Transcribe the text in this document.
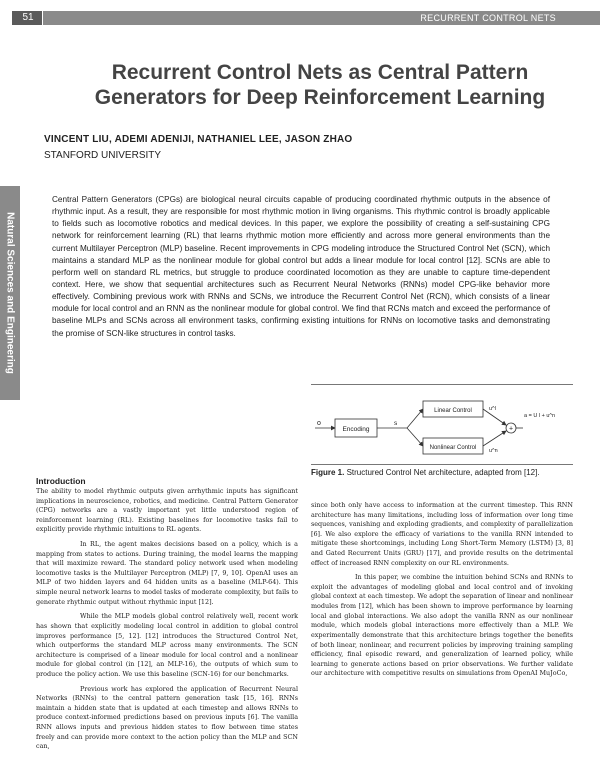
51	RECURRENT CONTROL NETS
Natural Sciences and Engineering
Recurrent Control Nets as Central Pattern
Generators for Deep Reinforcement Learning
VINCENT LIU, ADEMI ADENIJI, NATHANIEL LEE, JASON ZHAO
STANFORD UNIVERSITY

Central Pattern Generators (CPGs) are biological neural circuits capable of producing coordinated rhythmic outputs in the absence of rhythmic input. As a result, they are responsible for most rhythmic motion in living organisms. This rhythmic control is broadly applicable to fields such as locomotive robotics and medical devices. In this paper, we explore the possibility of creating a self-sustaining CPG network for reinforcement learning (RL) that learns rhythmic motion more efficiently and across more general environments than the current Multilayer Perceptron (MLP) baseline. Recent improvements in CPG modeling introduce the Structured Control Net (SCN), which maintains a standard MLP as the nonlinear module for global control but adds a linear module for local control [12]. SCNs are able to perform well on standard RL metrics, but struggle to produce coordinated locomotion as they are unable to capture time-dependent context. Here, we show that sequential architectures such as Recurrent Neural Networks (RNNs) model CPG-like behavior more effectively. Combining previous work with RNNs and SCNs, we introduce the Recurrent Control Net (RCN), which consists of a linear module for local control and an RNN as the nonlinear module for global control. We find that RCNs match and exceed the performance of baseline MLPs and SCNs across all environment tasks, confirming existing intuitions for RNNs on locomotive tasks and demonstrating the promise of SCN-like structures in control tasks.

Introduction

The ability to model rhythmic outputs given arrhythmic inputs has significant implications in neuroscience, robotics, and medicine. Central Pattern Generator (CPG) networks are a vastly important yet little understood region of reinforcement learning (RL). Existing baselines for locomotive tasks fail to explicitly provide rhythmic intuitions to RL agents.

In RL, the agent makes decisions based on a policy, which is a mapping from states to actions. During training, the model learns the mapping that will maximize reward. The standard policy network used when modeling locomotive tasks is the Multilayer Perceptron (MLP) [7, 9, 10]. OpenAI uses an MLP of two hidden layers and 64 hidden units as a baseline (MLP-64). This simple neural network learns to model tasks of moderate complexity, but fails to generate rhythmic output without rhythmic input [12].

While the MLP models global control relatively well, recent work has shown that explicitly modeling local control in addition to global control improves performance [5, 12]. [12] introduces the Structured Control Net, which outperforms the standard MLP across many environments. The SCN architecture is comprised of a linear module for local control and a nonlinear module for global control (in [12], an MLP-16), the outputs of which sum to produce the policy action. We use this baseline (SCN-16) for our benchmarks.

Previous work has explored the application of Recurrent Neural Networks (RNNs) to the central pattern generation task [15, 16]. RNNs maintain a hidden state that is updated at each timestep and allows RNNs to produce context-informed predictions based on previous inputs [6]. The vanilla RNN allows inputs and previous hidden states to flow between time states freely and can provide more context to the action policy than the MLP and SCN can,

o
Encoding
s
Linear Control
Nonlinear Control
u^l
u^n
+
a = U l + u^n
Figure 1. Structured Control Net architecture, adapted from [12].

since both only have access to information at the current timestep. This RNN architecture has many limitations, including loss of information over long time sequences, vanishing and exploding gradients, and complexity of parallelization [6]. We also explore the efficacy of variations to the vanilla RNN intended to mitigate these shortcomings, including Long Short-Term Memory (LSTM) [3, 8] and Gated Recurrent Units (GRU) [17], and provide results on the detrimental effect of increased RNN complexity on our RL environments.

In this paper, we combine the intuition behind SCNs and RNNs to exploit the advantages of modeling global and local control and of invoking global context at each timestep. We adopt the separation of linear and nonlinear modules from [12], which has been shown to improve performance by learning local and global interactions. We also adopt the vanilla RNN as our nonlinear module, which models global interactions more effectively than a MLP. We experimentally demonstrate that this architecture brings together the benefits of both linear, nonlinear, and recurrent policies by improving training sampling efficiency, final episodic reward, and generalization of learned policy, while learning to generate actions based on prior observations. We further validate our architecture with competitive results on simulations from OpenAI MuJoCo,
